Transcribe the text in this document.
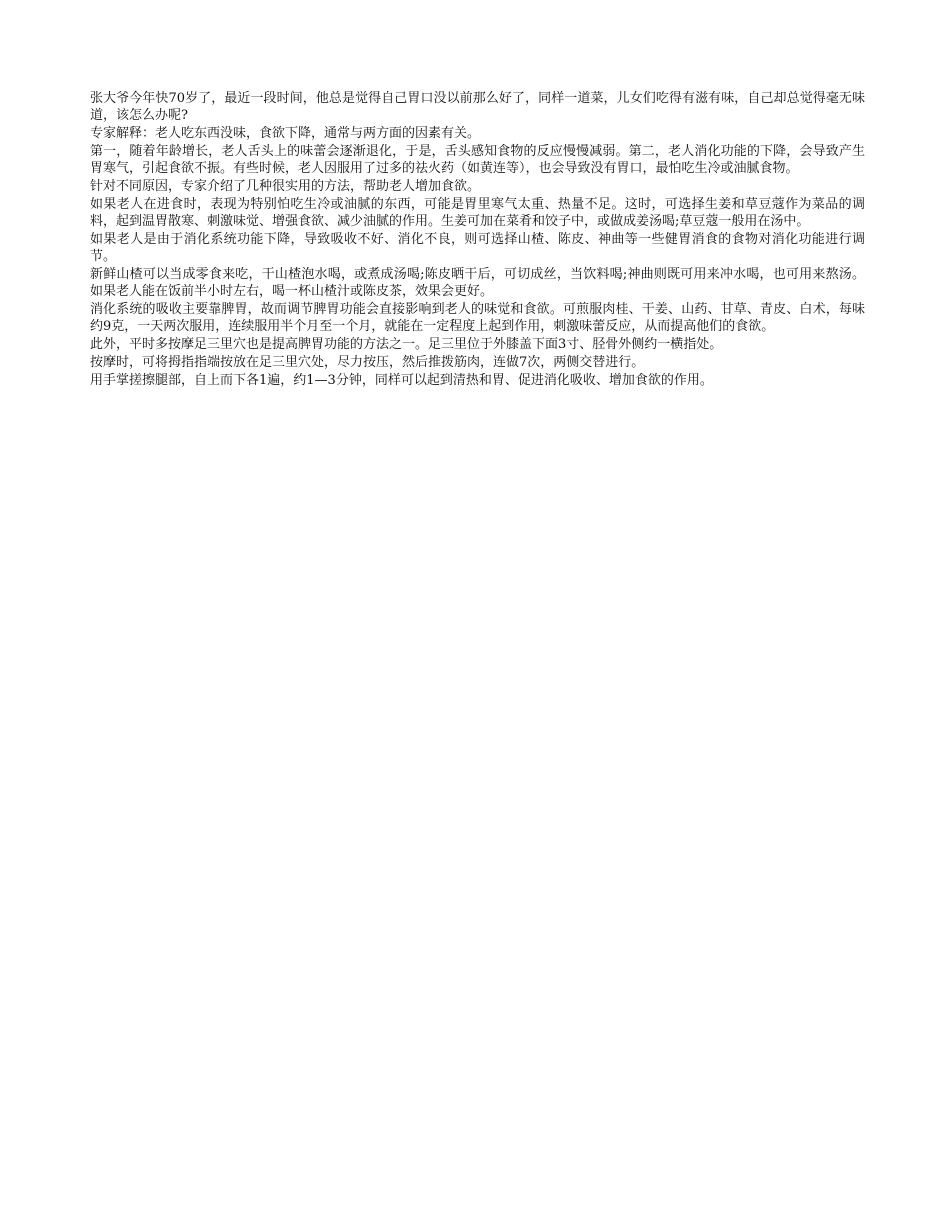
张大爷今年快70岁了，最近一段时间，他总是觉得自己胃口没以前那么好了，同样一道菜，儿女们吃得有滋有味，自己却总觉得毫无味道，该怎么办呢?

专家解释：老人吃东西没味，食欲下降，通常与两方面的因素有关。

第一，随着年龄增长，老人舌头上的味蕾会逐渐退化，于是，舌头感知食物的反应慢慢减弱。第二，老人消化功能的下降，会导致产生胃寒气，引起食欲不振。有些时候，老人因服用了过多的祛火药（如黄连等），也会导致没有胃口，最怕吃生冷或油腻食物。

针对不同原因，专家介绍了几种很实用的方法，帮助老人增加食欲。

如果老人在进食时，表现为特别怕吃生冷或油腻的东西，可能是胃里寒气太重、热量不足。这时，可选择生姜和草豆蔻作为菜品的调料，起到温胃散寒、刺激味觉、增强食欲、减少油腻的作用。生姜可加在菜肴和饺子中，或做成姜汤喝;草豆蔻一般用在汤中。

如果老人是由于消化系统功能下降，导致吸收不好、消化不良，则可选择山楂、陈皮、神曲等一些健胃消食的食物对消化功能进行调节。

新鲜山楂可以当成零食来吃，干山楂泡水喝，或煮成汤喝;陈皮晒干后，可切成丝，当饮料喝;神曲则既可用来冲水喝，也可用来熬汤。如果老人能在饭前半小时左右，喝一杯山楂汁或陈皮茶，效果会更好。

消化系统的吸收主要靠脾胃，故而调节脾胃功能会直接影响到老人的味觉和食欲。可煎服肉桂、干姜、山药、甘草、青皮、白术，每味约9克，一天两次服用，连续服用半个月至一个月，就能在一定程度上起到作用，刺激味蕾反应，从而提高他们的食欲。

此外，平时多按摩足三里穴也是提高脾胃功能的方法之一。足三里位于外膝盖下面3寸、胫骨外侧约一横指处。

按摩时，可将拇指指端按放在足三里穴处，尽力按压，然后推拨筋肉，连做7次，两侧交替进行。

用手掌搓擦腿部，自上而下各1遍，约1—3分钟，同样可以起到清热和胃、促进消化吸收、增加食欲的作用。
